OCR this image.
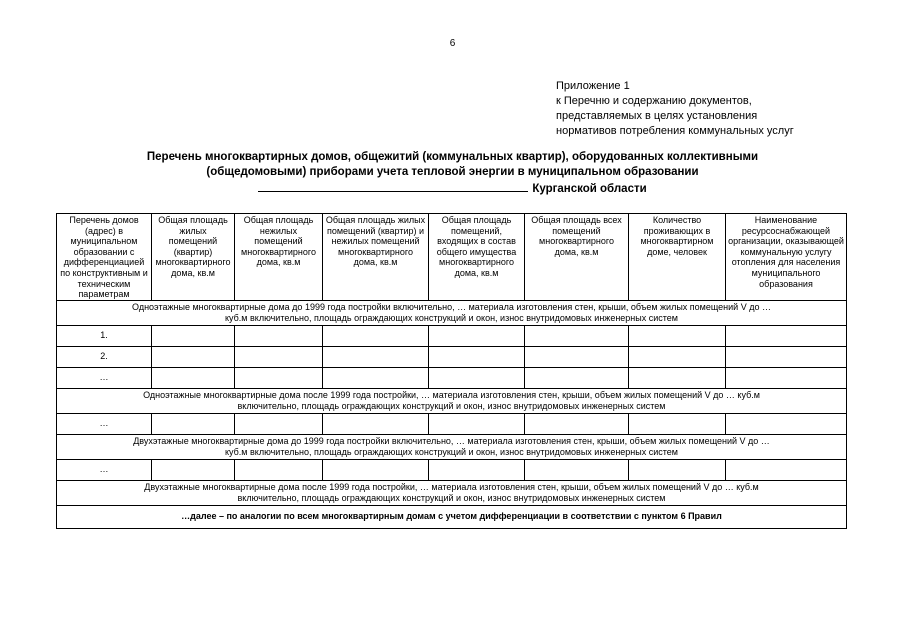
6
Приложение 1
к Перечню и содержанию документов,
представляемых в целях установления
нормативов потребления коммунальных услуг
Перечень многоквартирных домов, общежитий (коммунальных квартир), оборудованных коллективными
(общедомовыми) приборами учета тепловой энергии в муниципальном образовании
Курганской области
Перечень домов (адрес) в муниципальном образовании с дифференциацией по конструктивным и техническим параметрам	Общая площадь жилых помещений (квартир) многоквартирного дома, кв.м	Общая площадь нежилых помещений многоквартирного дома, кв.м	Общая площадь жилых помещений (квартир) и нежилых помещений многоквартирного дома, кв.м	Общая площадь помещений, входящих в состав общего имущества многоквартирного дома, кв.м	Общая площадь всех помещений многоквартирного дома, кв.м	Количество проживающих в многоквартирном доме, человек	Наименование ресурсоснабжающей организации, оказывающей коммунальную услугу отопления для населения муниципального образования

Одноэтажные многоквартирные дома до 1999 года постройки включительно, … материала изготовления стен, крыши, объем жилых помещений V до …
куб.м включительно, площадь ограждающих конструкций и окон, износ внутридомовых инженерных систем							

1.							
2.							
…							

Одноэтажные многоквартирные дома после 1999 года постройки, … материала изготовления стен, крыши, объем жилых помещений V до … куб.м
включительно, площадь ограждающих конструкций и окон, износ внутридомовых инженерных систем							

…							

Двухэтажные многоквартирные дома до 1999 года постройки включительно, … материала изготовления стен, крыши, объем жилых помещений V до …
куб.м включительно, площадь ограждающих конструкций и окон, износ внутридомовых инженерных систем							

…							

Двухэтажные многоквартирные дома после 1999 года постройки, … материала изготовления стен, крыши, объем жилых помещений V до … куб.м
включительно, площадь ограждающих конструкций и окон, износ внутридомовых инженерных систем							

…далее – по аналогии по всем многоквартирным домам с учетом дифференциации в соответствии с пунктом 6 Правил							
